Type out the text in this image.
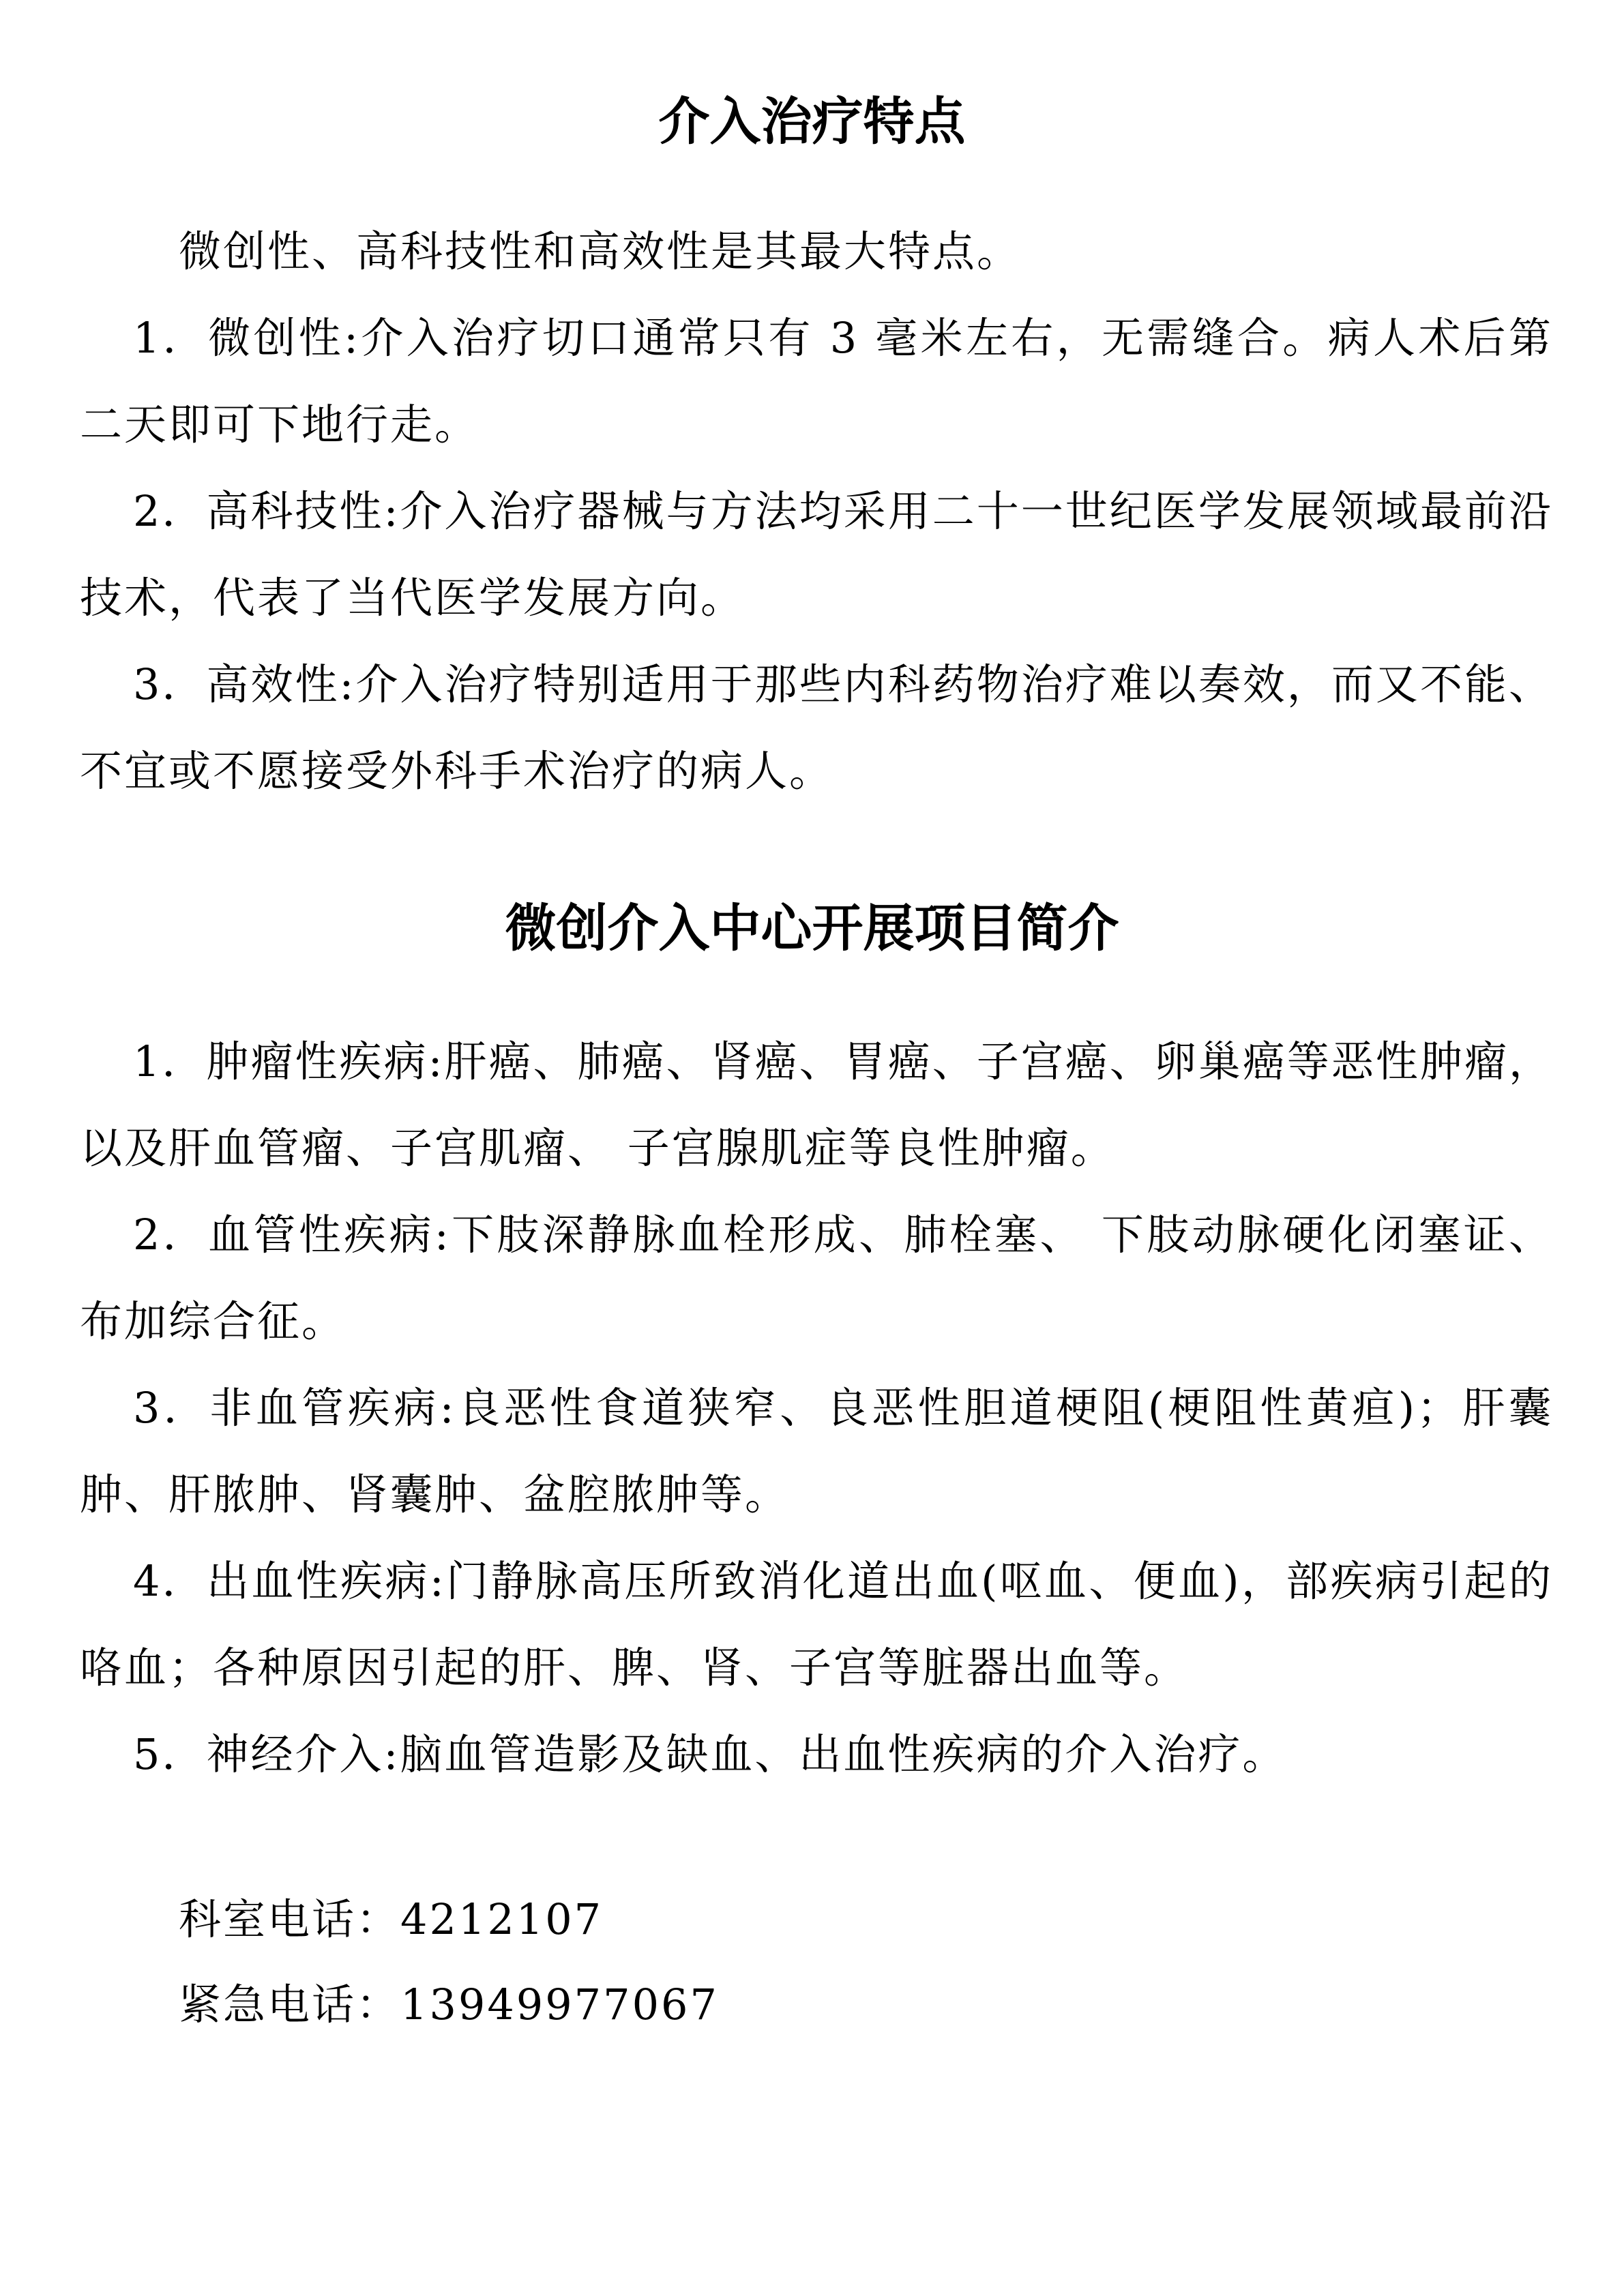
介入治疗特点

微创性、高科技性和高效性是其最大特点。

1．微创性:介入治疗切口通常只有 3 毫米左右，无需缝合。病人术后第二天即可下地行走。

2．高科技性:介入治疗器械与方法均采用二十一世纪医学发展领域最前沿技术，代表了当代医学发展方向。

3．高效性:介入治疗特别适用于那些内科药物治疗难以奏效，而又不能、不宜或不愿接受外科手术治疗的病人。

微创介入中心开展项目简介

1．肿瘤性疾病:肝癌、肺癌、肾癌、胃癌、子宫癌、卵巢癌等恶性肿瘤，以及肝血管瘤、子宫肌瘤、 子宫腺肌症等良性肿瘤。

2．血管性疾病:下肢深静脉血栓形成、肺栓塞、 下肢动脉硬化闭塞证、布加综合征。

3．非血管疾病:良恶性食道狭窄、良恶性胆道梗阻(梗阻性黄疸)；肝囊肿、肝脓肿、肾囊肿、盆腔脓肿等。

4．出血性疾病:门静脉高压所致消化道出血(呕血、便血)，部疾病引起的咯血；各种原因引起的肝、脾、肾、子宫等脏器出血等。

5．神经介入:脑血管造影及缺血、出血性疾病的介入治疗。

科室电话：4212107
紧急电话：13949977067
